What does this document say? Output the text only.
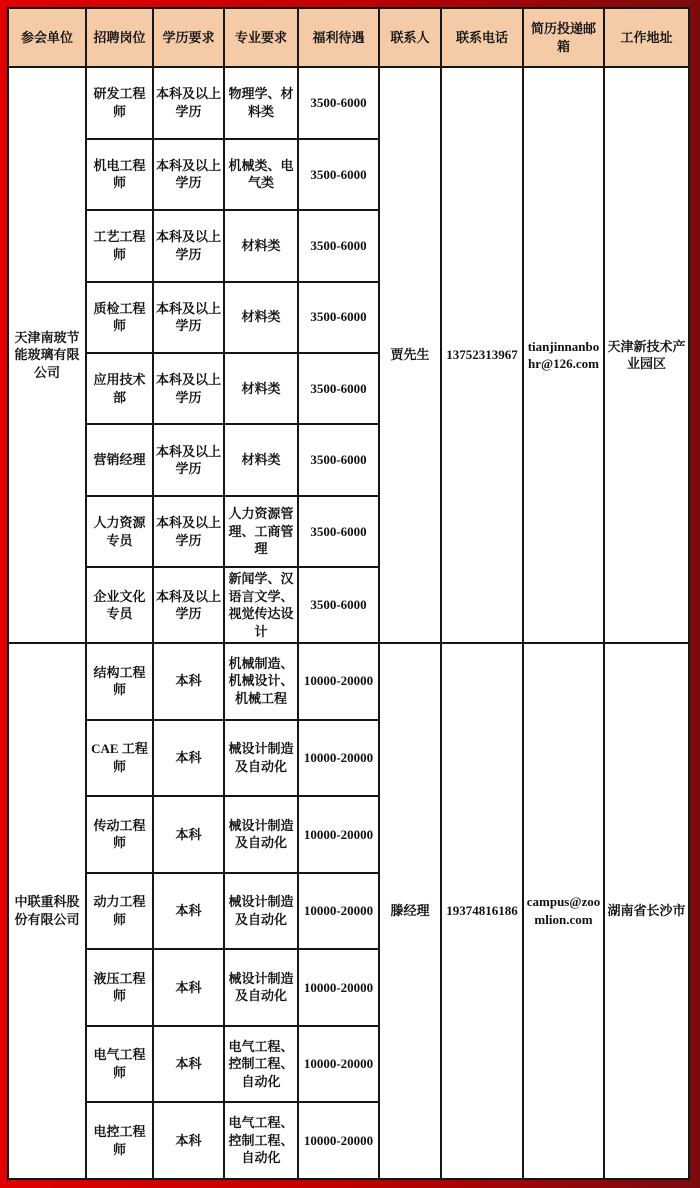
参会单位	招聘岗位	学历要求	专业要求	福利待遇	联系人	联系电话	简历投递邮箱	工作地址
天津南玻节能玻璃有限公司	研发工程师	本科及以上学历	物理学、材料类	3500-6000	贾先生	13752313967	tianjinnanbohr@126.com	天津新技术产业园区
	机电工程师	本科及以上学历	机械类、电气类	3500-6000				
	工艺工程师	本科及以上学历	材料类	3500-6000				
	质检工程师	本科及以上学历	材料类	3500-6000				
	应用技术部	本科及以上学历	材料类	3500-6000				
	营销经理	本科及以上学历	材料类	3500-6000				
	人力资源专员	本科及以上学历	人力资源管理、工商管理	3500-6000				
	企业文化专员	本科及以上学历	新闻学、汉语言文学、视觉传达设计	3500-6000				
中联重科股份有限公司	结构工程师	本科	机械制造、机械设计、机械工程	10000-20000	滕经理	19374816186	campus@zoomlion.com	湖南省长沙市
	CAE 工程师	本科	械设计制造及自动化	10000-20000				
	传动工程师	本科	械设计制造及自动化	10000-20000				
	动力工程师	本科	械设计制造及自动化	10000-20000				
	液压工程师	本科	械设计制造及自动化	10000-20000				
	电气工程师	本科	电气工程、控制工程、自动化	10000-20000				
	电控工程师	本科	电气工程、控制工程、自动化	10000-20000				
